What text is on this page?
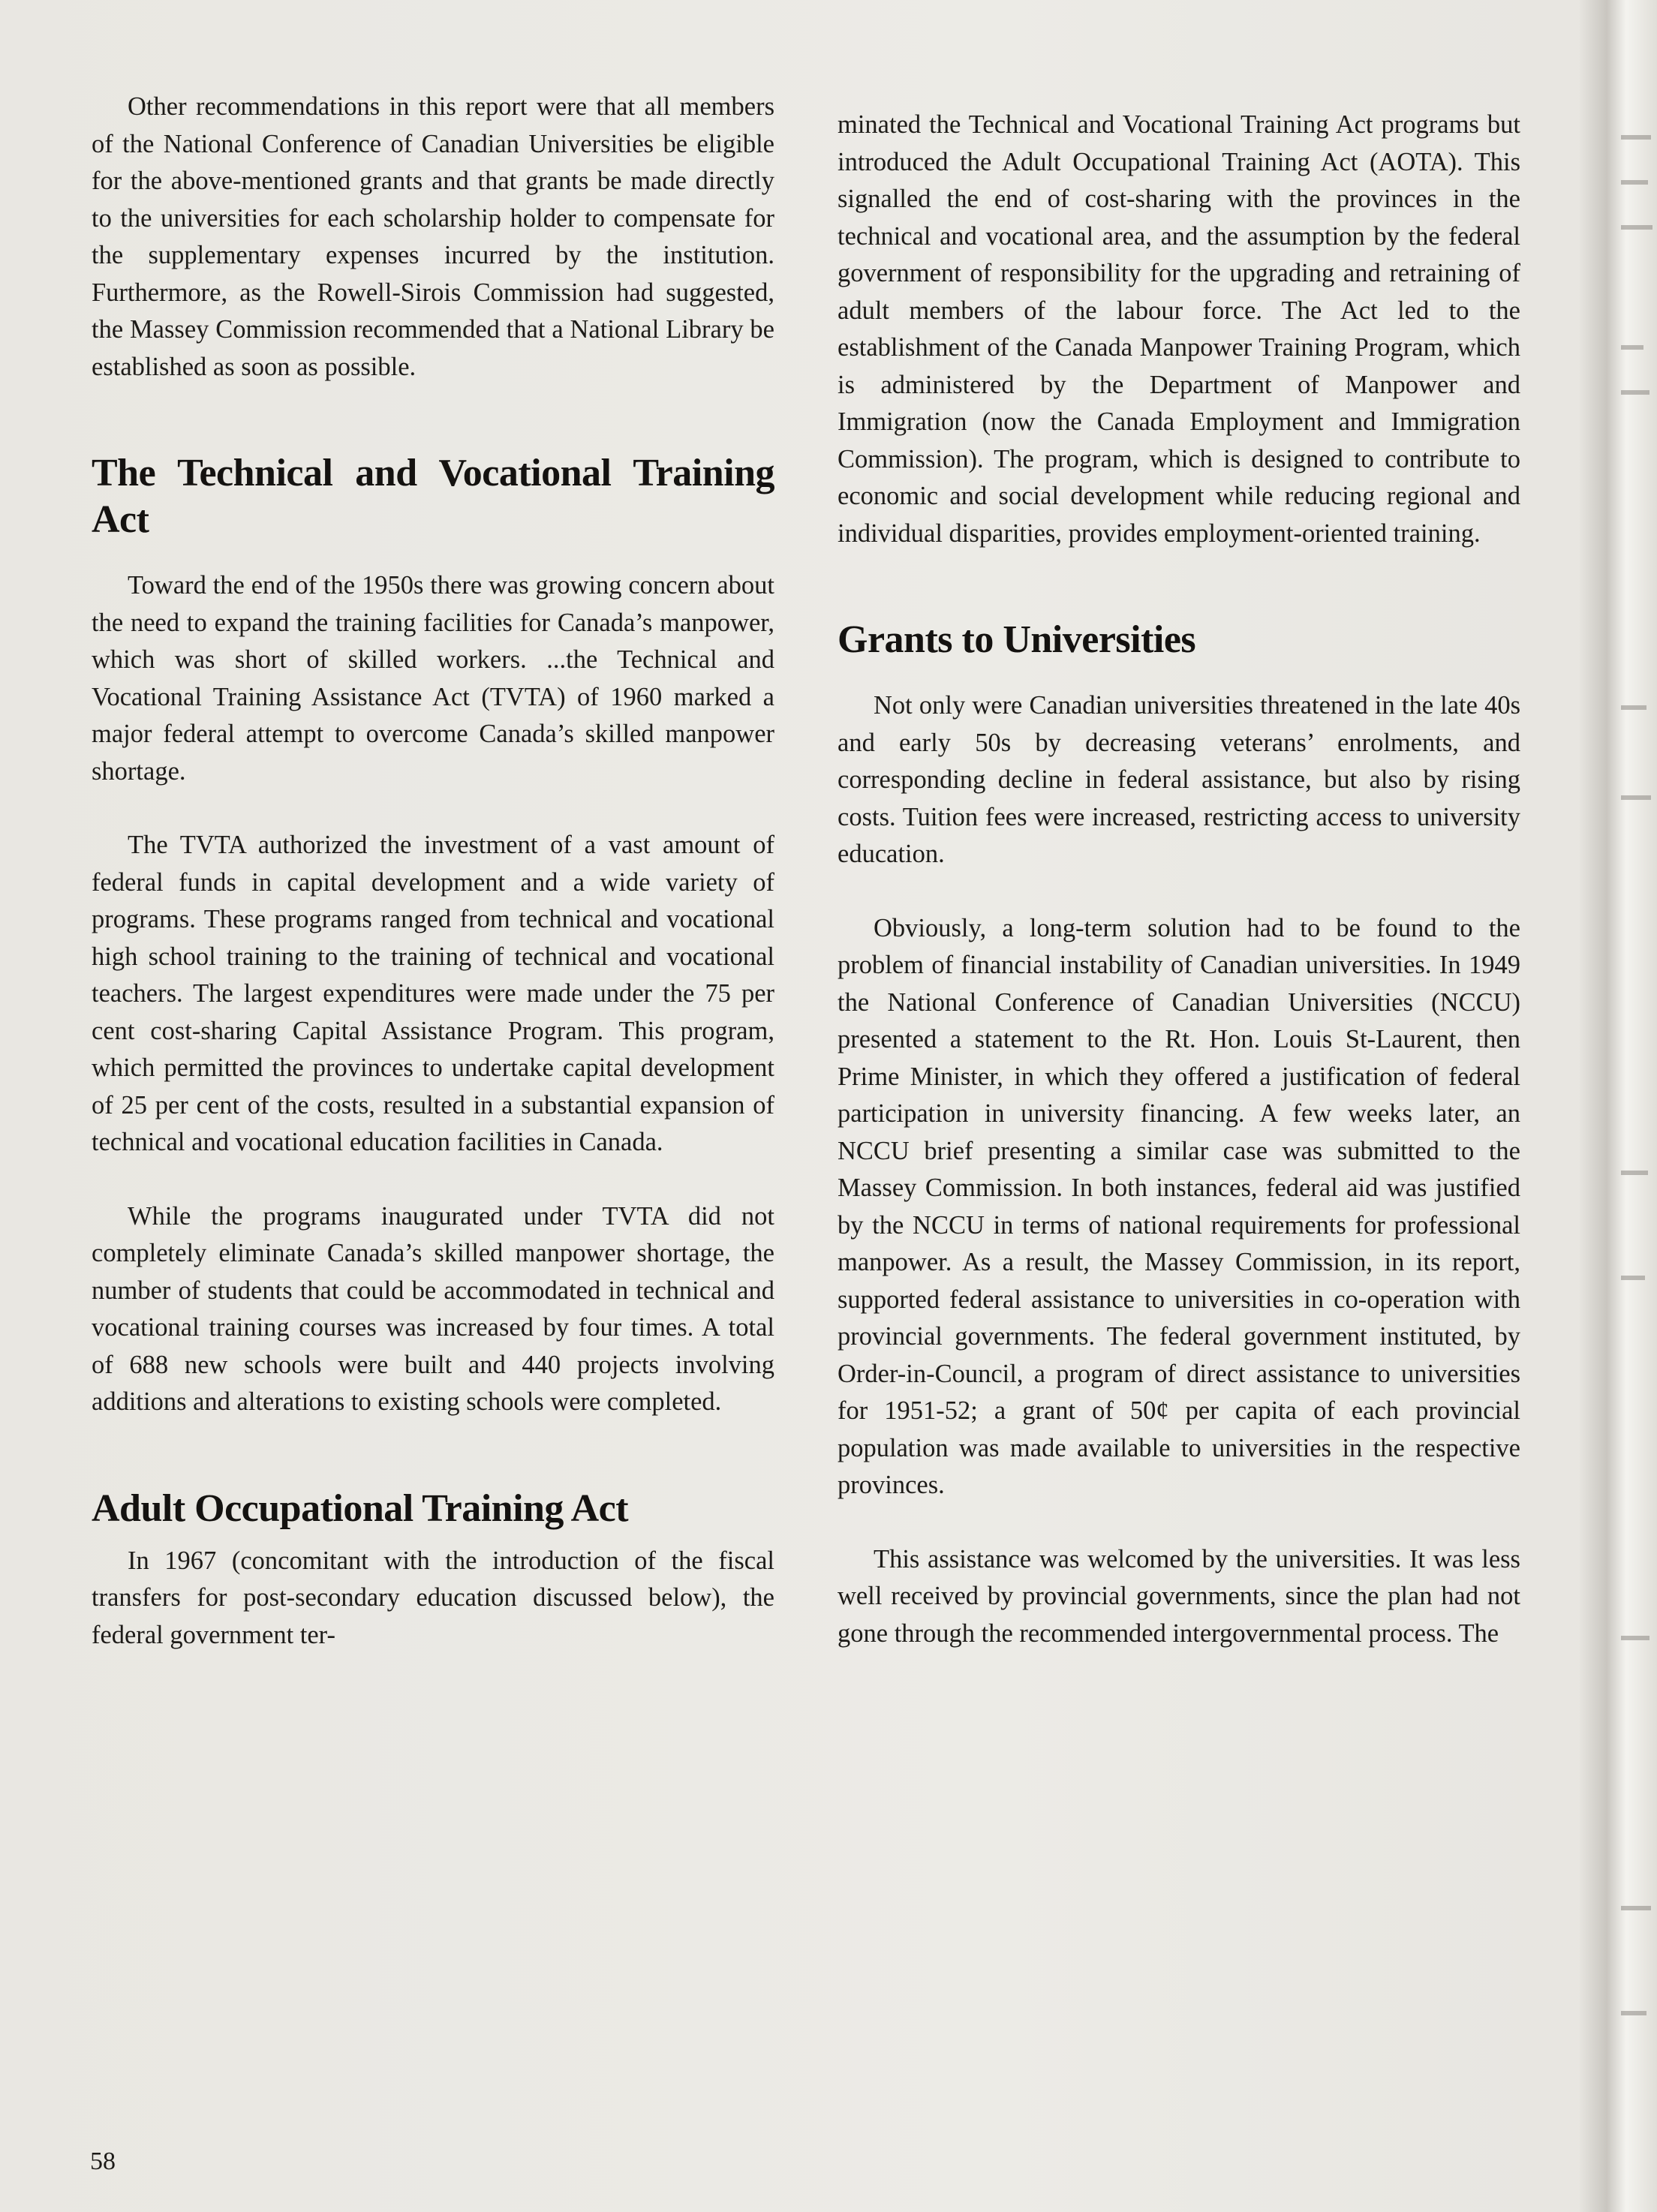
Other recommendations in this report were that all members of the National Conference of Canadian Universities be eligible for the above-mentioned grants and that grants be made directly to the universities for each scholarship holder to compensate for the supplementary expenses incurred by the institution. Furthermore, as the Rowell-Sirois Commission had suggested, the Massey Commission recommended that a National Library be established as soon as possible.

The Technical and Vocational Training Act

Toward the end of the 1950s there was growing concern about the need to expand the training facilities for Canada’s manpower, which was short of skilled workers. ...the Technical and Vocational Training Assistance Act (TVTA) of 1960 marked a major federal attempt to overcome Canada’s skilled manpower shortage.

The TVTA authorized the investment of a vast amount of federal funds in capital development and a wide variety of programs. These programs ranged from technical and vocational high school training to the training of technical and vocational teachers. The largest expenditures were made under the 75 per cent cost-sharing Capital Assistance Program. This program, which permitted the provinces to undertake capital development of 25 per cent of the costs, resulted in a substantial expansion of technical and vocational education facilities in Canada.

While the programs inaugurated under TVTA did not completely eliminate Canada’s skilled manpower shortage, the number of students that could be accommodated in technical and vocational training courses was increased by four times. A total of 688 new schools were built and 440 projects involving additions and alterations to existing schools were completed.

Adult Occupational Training Act

In 1967 (concomitant with the introduction of the fiscal transfers for post-secondary education discussed below), the federal government ter-

minated the Technical and Vocational Training Act programs but introduced the Adult Occupational Training Act (AOTA). This signalled the end of cost-sharing with the provinces in the technical and vocational area, and the assumption by the federal government of responsibility for the upgrading and retraining of adult members of the labour force. The Act led to the establishment of the Canada Manpower Training Program, which is administered by the Department of Manpower and Immigration (now the Canada Employment and Immigration Commission). The program, which is designed to contribute to economic and social development while reducing regional and individual disparities, provides employment-oriented training.

Grants to Universities

Not only were Canadian universities threatened in the late 40s and early 50s by decreasing veterans’ enrolments, and corresponding decline in federal assistance, but also by rising costs. Tuition fees were increased, restricting access to university education.

Obviously, a long-term solution had to be found to the problem of financial instability of Canadian universities. In 1949 the National Conference of Canadian Universities (NCCU) presented a statement to the Rt. Hon. Louis St-Laurent, then Prime Minister, in which they offered a justification of federal participation in university financing. A few weeks later, an NCCU brief presenting a similar case was submitted to the Massey Commission. In both instances, federal aid was justified by the NCCU in terms of national requirements for professional manpower. As a result, the Massey Commission, in its report, supported federal assistance to universities in co-operation with provincial governments. The federal government instituted, by Order-in-Council, a program of direct assistance to universities for 1951-52; a grant of 50¢ per capita of each provincial population was made available to universities in the respective provinces.

This assistance was welcomed by the universities. It was less well received by provincial governments, since the plan had not gone through the recommended intergovernmental process. The

58
